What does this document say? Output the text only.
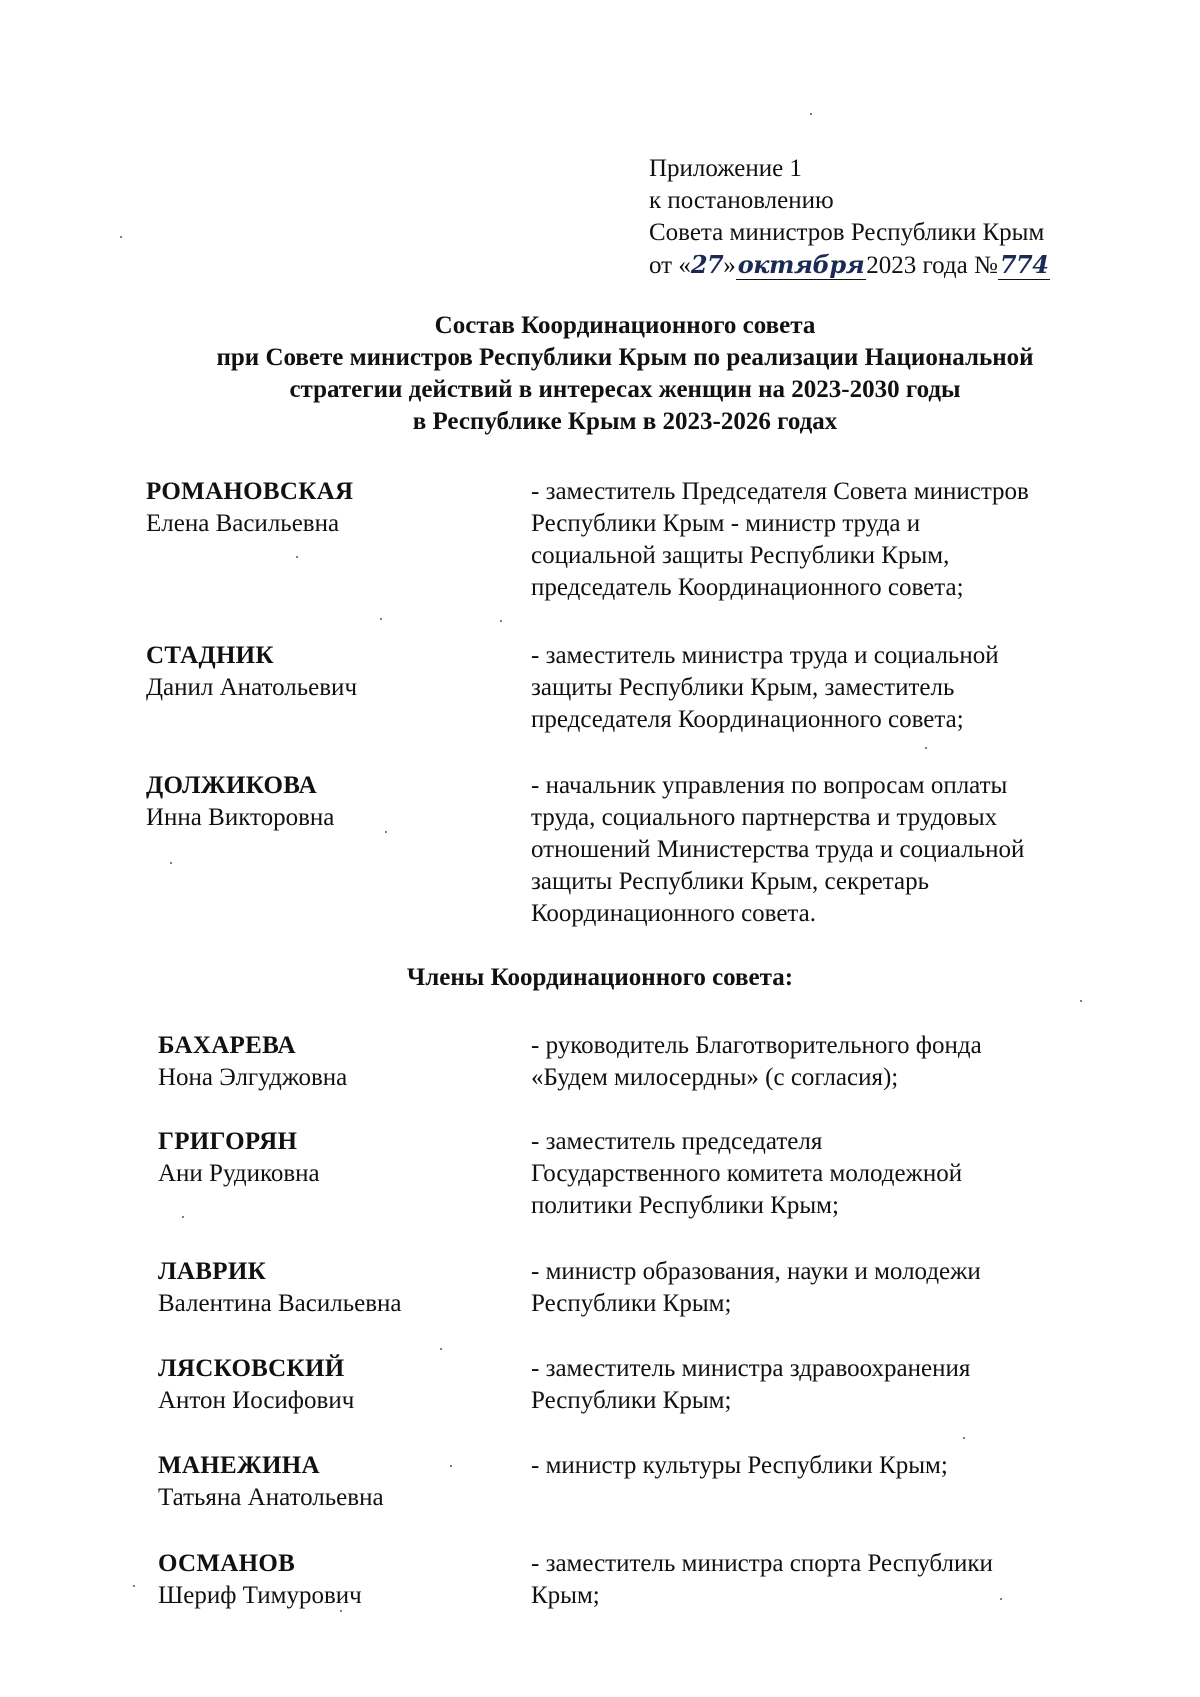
Приложение 1
к постановлению
Совета министров Республики Крым
от «27»октября2023 года №774
Состав Координационного совета
при Совете министров Республики Крым по реализации Национальной
стратегии действий в интересах женщин на 2023-2030 годы
в Республике Крым в 2023-2026 годах
РОМАНОВСКАЯ
Елена Васильевна
- заместитель Председателя Совета министров
Республики Крым - министр труда и
социальной защиты Республики Крым,
председатель Координационного совета;
СТАДНИК
Данил Анатольевич
- заместитель министра труда и социальной
защиты Республики Крым, заместитель
председателя Координационного совета;
ДОЛЖИКОВА
Инна Викторовна
- начальник управления по вопросам оплаты
труда, социального партнерства и трудовых
отношений Министерства труда и социальной
защиты Республики Крым, секретарь
Координационного совета.
Члены Координационного совета:
БАХАРЕВА
Нона Элгуджовна
- руководитель Благотворительного фонда
«Будем милосердны» (с согласия);
ГРИГОРЯН
Ани Рудиковна
- заместитель председателя
Государственного комитета молодежной
политики Республики Крым;
ЛАВРИК
Валентина Васильевна
- министр образования, науки и молодежи
Республики Крым;
ЛЯСКОВСКИЙ
Антон Иосифович
- заместитель министра здравоохранения
Республики Крым;
МАНЕЖИНА
Татьяна Анатольевна
- министр культуры Республики Крым;
ОСМАНОВ
Шериф Тимурович
- заместитель министра спорта Республики
Крым;
